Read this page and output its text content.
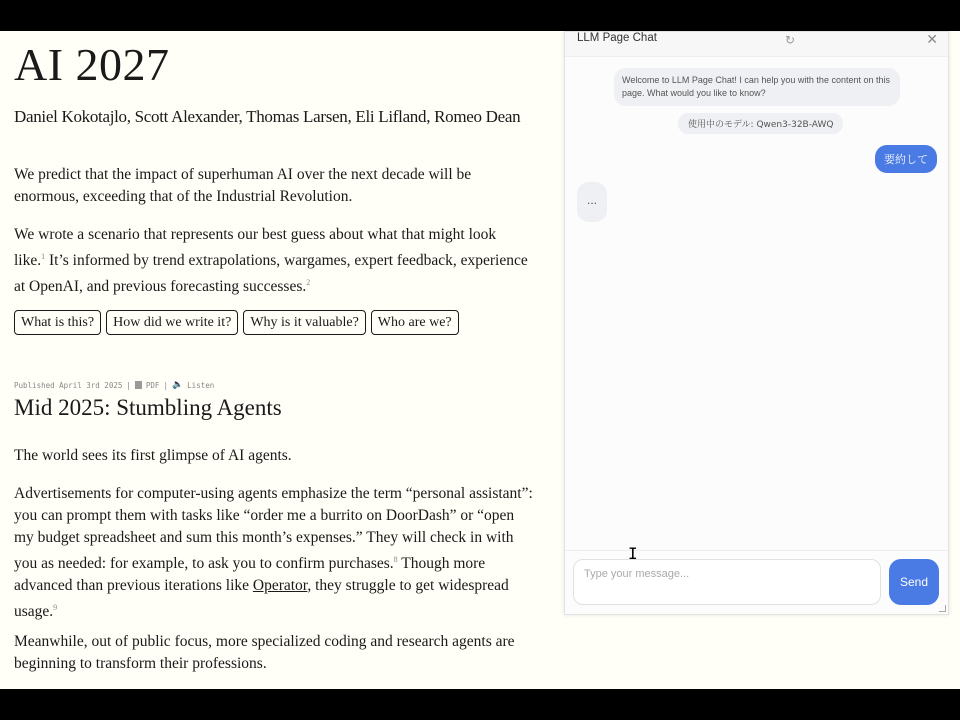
AI 2027
Daniel Kokotajlo, Scott Alexander, Thomas Larsen, Eli Lifland, Romeo Dean

We predict that the impact of superhuman AI over the next decade will be enormous, exceeding that of the Industrial Revolution.

We wrote a scenario that represents our best guess about what that might look like.$^1$ It’s informed by trend extrapolations, wargames, expert feedback, experience at OpenAI, and previous forecasting successes.$^2$

What is this?	How did we write it?	Why is it valuable?	Who are we?
Published April 3rd 2025 | PDF | 🔈 Listen
Mid 2025: Stumbling Agents

The world sees its first glimpse of AI agents.

Advertisements for computer-using agents emphasize the term “personal assistant”: you can prompt them with tasks like “order me a burrito on DoorDash” or “open my budget spreadsheet and sum this month’s expenses.” They will check in with you as needed: for example, to ask you to confirm purchases.$^8$ Though more advanced than previous iterations like Operator, they struggle to get widespread usage.$^9$

Meanwhile, out of public focus, more specialized coding and research agents are beginning to transform their professions.

LLM Page Chat	↻	✕
Welcome to LLM Page Chat! I can help you with the content on this page. What would you like to know?
使用中のモデル: Qwen3-32B-AWQ
要約して
...
Type your message...
Send
I
